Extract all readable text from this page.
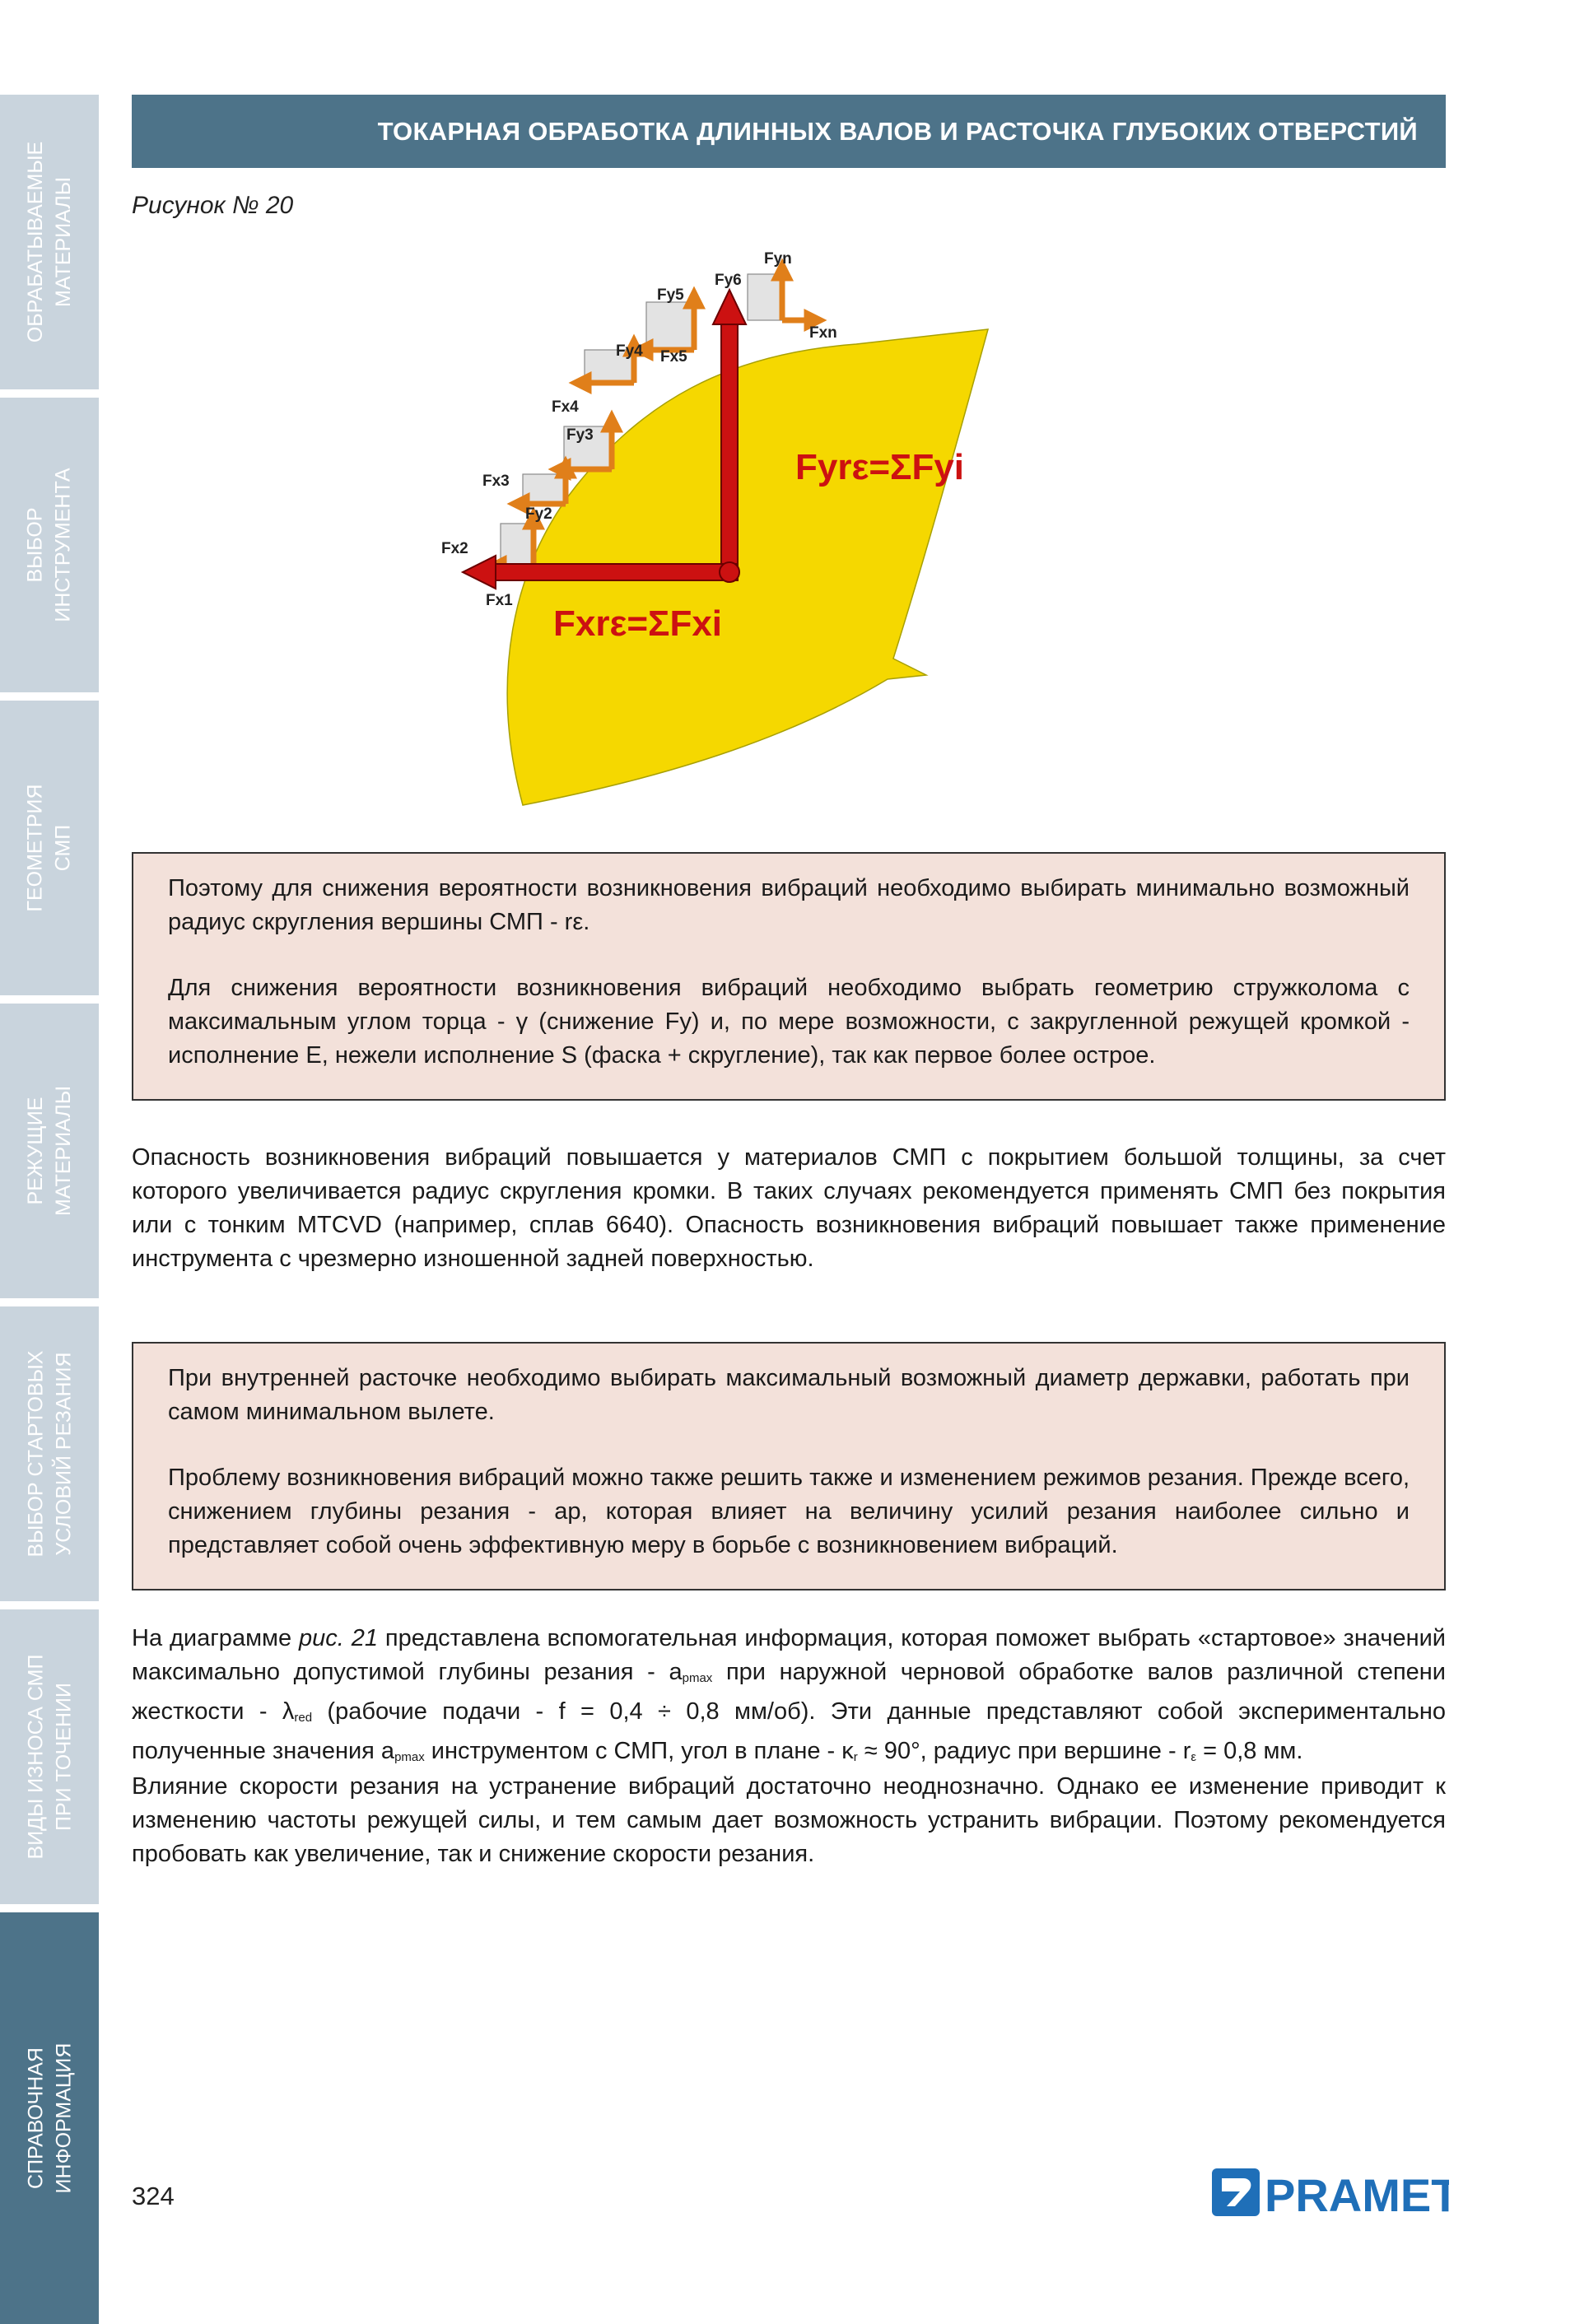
ОБРАБАТЫВАЕМЫЕ МАТЕРИАЛЫ
ВЫБОР ИНСТРУМЕНТА
ГЕОМЕТРИЯ СМП
РЕЖУЩИЕ МАТЕРИАЛЫ
ВЫБОР СТАРТОВЫХ УСЛОВИЙ РЕЗАНИЯ
ВИДЫ ИЗНОСА СМП ПРИ ТОЧЕНИИ
СПРАВОЧНАЯ ИНФОРМАЦИЯ
ТОКАРНАЯ ОБРАБОТКА ДЛИННЫХ ВАЛОВ И РАСТОЧКА ГЛУБОКИХ ОТВЕРСТИЙ
Рисунок № 20
Fx1
Fx2
Fx3
Fx4
Fx5
Fxn
Fy2
Fy3
Fy4
Fy5
Fy6
Fyn
Fyrε=ΣFyi
Fxrε=ΣFxi

Поэтому для снижения вероятности возникновения вибраций необходимо выбирать минимально возможный радиус скругления вершины СМП - rε.

Для снижения вероятности возникновения вибраций необходимо выбрать геометрию стружколома с максимальным углом торца - γ (снижение Fy) и, по мере возможности, с закругленной режущей кромкой - исполнение E, нежели исполнение S (фаска + скругление), так как первое более острое.

Опасность возникновения вибраций повышается у материалов СМП с покрытием большой толщины, за счет которого увеличивается радиус скругления кромки. В таких случаях рекомендуется применять СМП без покрытия или с тонким MTCVD (например, сплав 6640). Опасность возникновения вибраций повышает также применение инструмента с чрезмерно изношенной задней поверхностью.

При внутренней расточке необходимо выбирать максимальный возможный диаметр державки, работать при самом минимальном вылете.

Проблему возникновения вибраций можно также решить также и изменением режимов резания. Прежде всего, снижением глубины резания - ap, которая влияет на величину усилий резания наиболее сильно и представляет собой очень эффективную меру в борьбе с возникновением вибраций.

На диаграмме рис. 21 представлена вспомогательная информация, которая поможет выбрать «стартовое» значений максимально допустимой глубины резания - $a_{pmax}$ при наружной черновой обработке валов различной степени жесткости - $\lambda_{red}$ (рабочие подачи - f = 0,4 ÷ 0,8 мм/об). Эти данные представляют собой экспериментально полученные значения $a_{pmax}$ инструментом с СМП, угол в плане - $\kappa_r \approx 90^\circ$, радиус при вершине - $r_\varepsilon = 0,8$ мм.

Влияние скорости резания на устранение вибраций достаточно неоднозначно. Однако ее изменение приводит к изменению частоты режущей силы, и тем самым дает возможность устранить вибрации. Поэтому рекомендуется пробовать как увеличение, так и снижение скорости резания.

324	PRAMET
